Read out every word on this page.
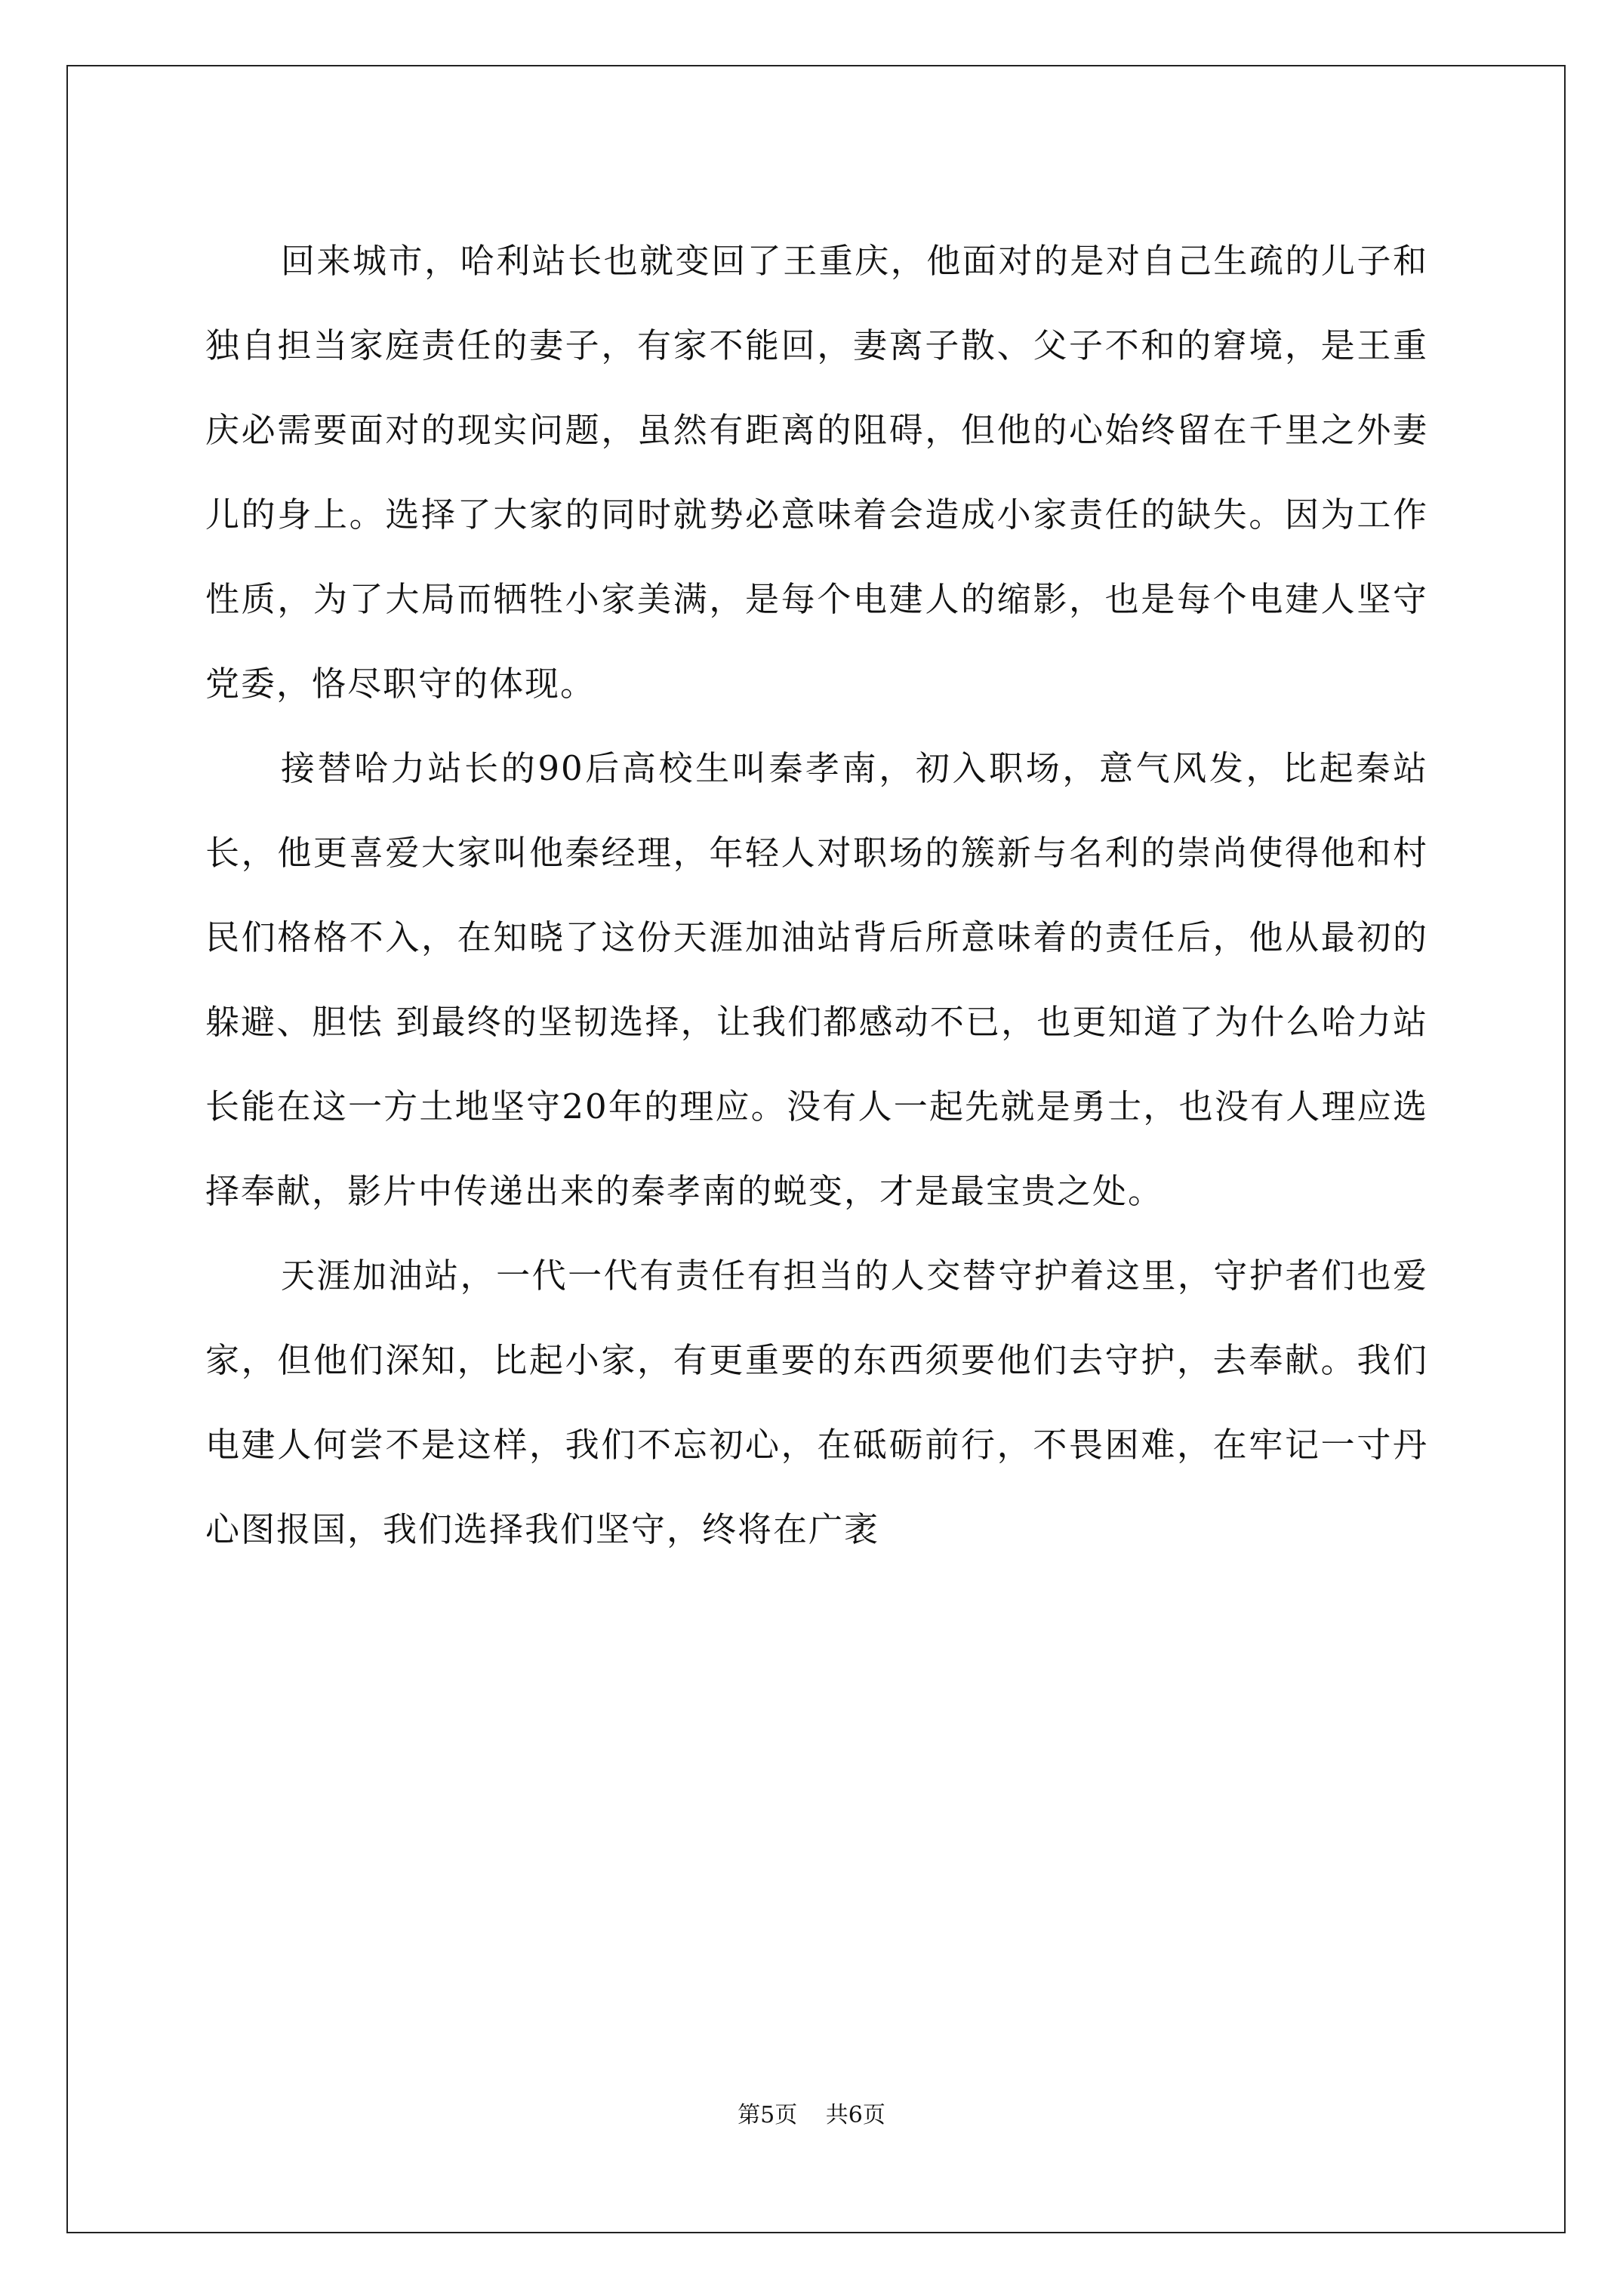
回来城市，哈利站长也就变回了王重庆，他面对的是对自己生疏的儿子和独自担当家庭责任的妻子，有家不能回，妻离子散、父子不和的窘境，是王重庆必需要面对的现实问题，虽然有距离的阻碍，但他的心始终留在千里之外妻儿的身上。选择了大家的同时就势必意味着会造成小家责任的缺失。因为工作性质，为了大局而牺牲小家美满，是每个电建人的缩影，也是每个电建人坚守党委，恪尽职守的体现。

接替哈力站长的90后高校生叫秦孝南，初入职场，意气风发，比起秦站长，他更喜爱大家叫他秦经理，年轻人对职场的簇新与名利的崇尚使得他和村民们格格不入，在知晓了这份天涯加油站背后所意味着的责任后，他从最初的躲避、胆怯 到最终的坚韧选择，让我们都感动不已，也更知道了为什么哈力站长能在这一方土地坚守20年的理应。没有人一起先就是勇士，也没有人理应选择奉献，影片中传递出来的秦孝南的蜕变，才是最宝贵之处。

天涯加油站，一代一代有责任有担当的人交替守护着这里，守护者们也爱家，但他们深知，比起小家，有更重要的东西须要他们去守护，去奉献。我们电建人何尝不是这样，我们不忘初心，在砥砺前行，不畏困难，在牢记一寸丹心图报国，我们选择我们坚守，终将在广袤

第5页 共6页
